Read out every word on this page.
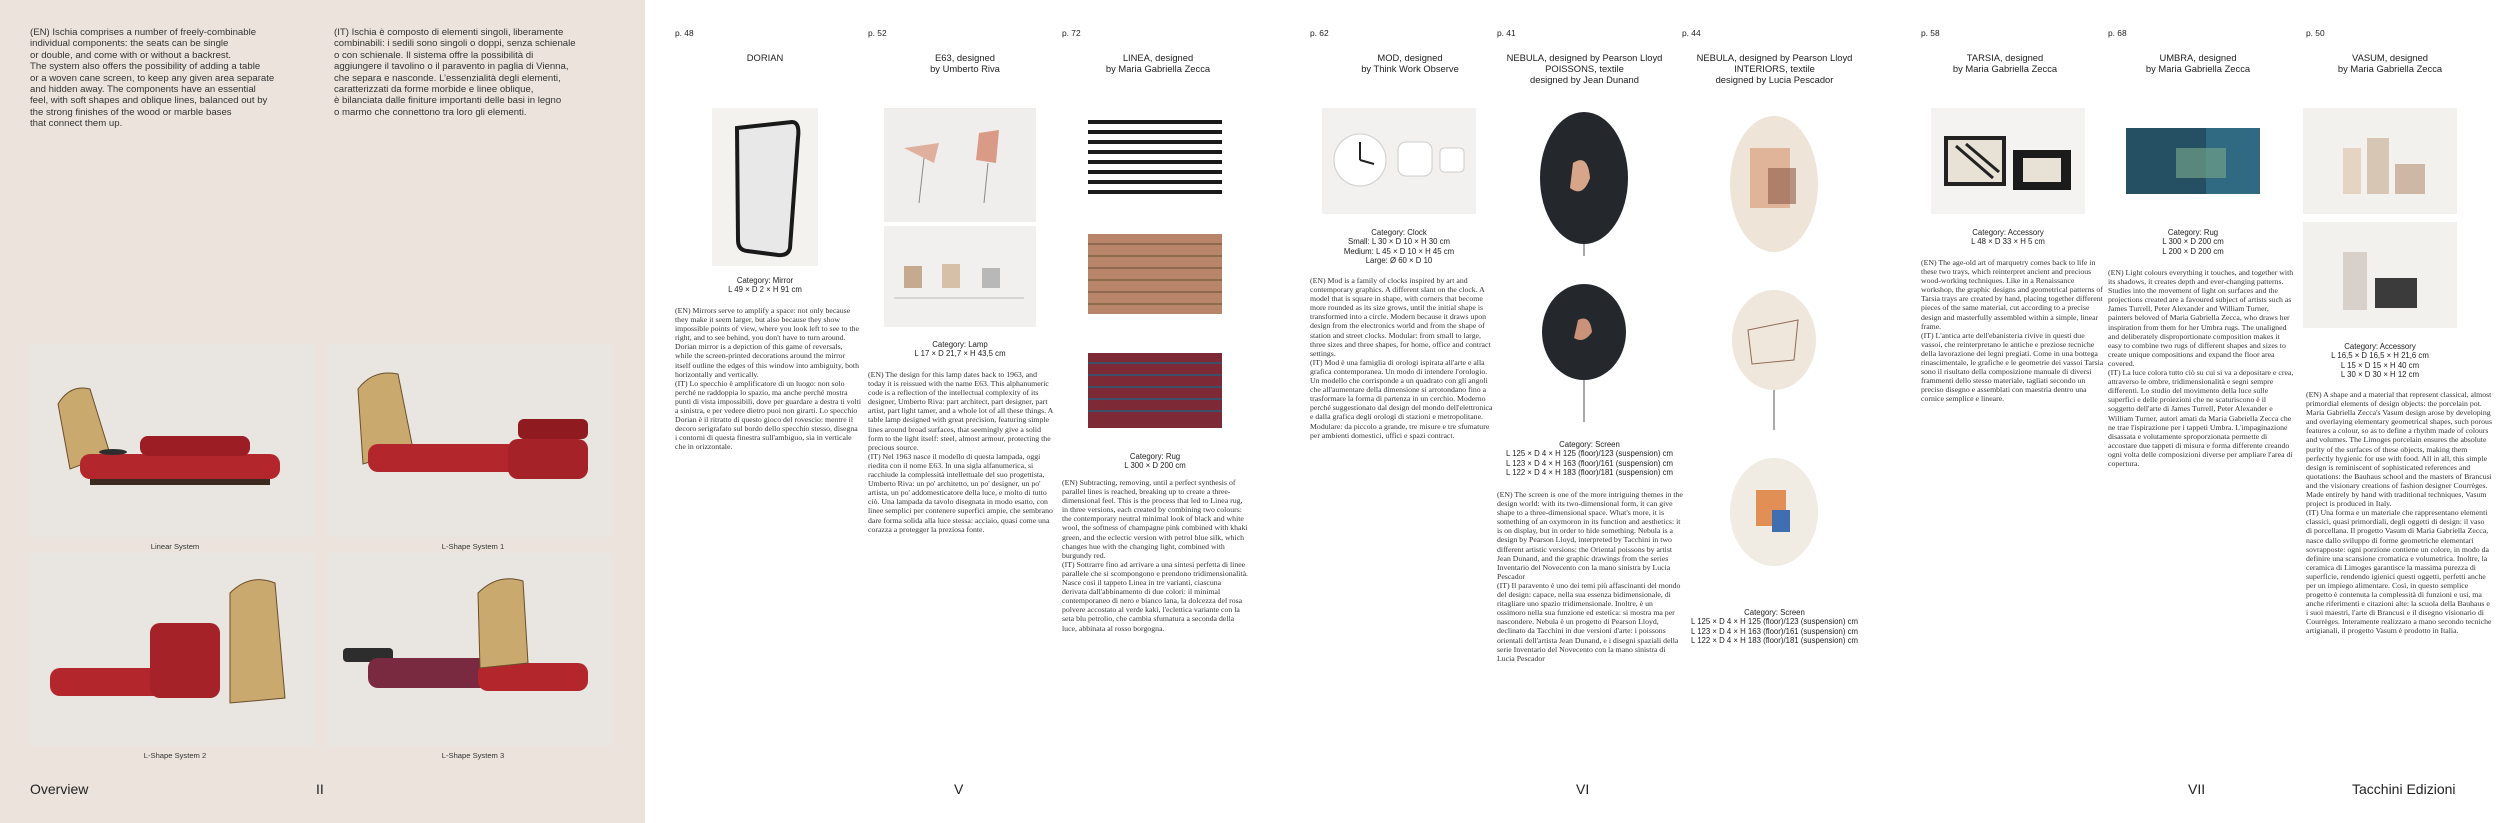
(EN) Ischia comprises a number of freely-combinable
individual components: the seats can be single
or double, and come with or without a backrest.
The system also offers the possibility of adding a table
or a woven cane screen, to keep any given area separate
and hidden away. The components have an essential
feel, with soft shapes and oblique lines, balanced out by
the strong finishes of the wood or marble bases
that connect them up.

(IT) Ischia è composto di elementi singoli, liberamente
combinabili: i sedili sono singoli o doppi, senza schienale
o con schienale. Il sistema offre la possibilità di
aggiungere il tavolino o il paravento in paglia di Vienna,
che separa e nasconde. L’essenzialità degli elementi,
caratterizzati da forme morbide e linee oblique,
è bilanciata dalle finiture importanti delle basi in legno
o marmo che connettono tra loro gli elementi.

Linear System	L-Shape System 1
L-Shape System 2	L-Shape System 3
Overview	II
p. 48
DORIAN
Category: Mirror
L 49 × D 2 × H 91 cm

(EN) Mirrors serve to amplify a space: not only because they make it seem larger, but also because they show impossible points of view, where you look left to see to the right, and to see behind, you don't have to turn around. Dorian mirror is a depiction of this game of reversals, while the screen-printed decorations around the mirror itself outline the edges of this window into ambiguity, both horizontally and vertically.
(IT) Lo specchio è amplificatore di un luogo: non solo perché ne raddoppia lo spazio, ma anche perché mostra punti di vista impossibili, dove per guardare a destra ti volti a sinistra, e per vedere dietro puoi non girarti. Lo specchio Dorian è il ritratto di questo gioco del rovescio: mentre il decoro serigrafato sul bordo dello specchio stesso, disegna i contorni di questa finestra sull'ambiguo, sia in verticale che in orizzontale.

p. 52
E63, designed
by Umberto Riva
Category: Lamp
L 17 × D 21,7 × H 43,5 cm

(EN) The design for this lamp dates back to 1963, and today it is reissued with the name E63. This alphanumeric code is a reflection of the intellectual complexity of its designer, Umberto Riva: part architect, part designer, part artist, part light tamer, and a whole lot of all these things. A table lamp designed with great precision, featuring simple lines around broad surfaces, that seemingly give a solid form to the light itself: steel, almost armour, protecting the precious source.
(IT) Nel 1963 nasce il modello di questa lampada, oggi riedita con il nome E63. In una sigla alfanumerica, si racchiude la complessità intellettuale del suo progettista, Umberto Riva: un po' architetto, un po' designer, un po' artista, un po' addomesticatore della luce, e molto di tutto ciò. Una lampada da tavolo disegnata in modo esatto, con linee semplici per contenere superfici ampie, che sembrano dare forma solida alla luce stessa: acciaio, quasi come una corazza a protegger la preziosa fonte.

p. 72
LINEA, designed
by Maria Gabriella Zecca
Category: Rug
L 300 × D 200 cm

(EN) Subtracting, removing, until a perfect synthesis of parallel lines is reached, breaking up to create a three-dimensional feel. This is the process that led to Linea rug, in three versions, each created by combining two colours: the contemporary neutral minimal look of black and white wool, the softness of champagne pink combined with khaki green, and the eclectic version with petrol blue silk, which changes hue with the changing light, combined with burgundy red.
(IT) Sottrarre fino ad arrivare a una sintesi perfetta di linee parallele che si scompongono e prendono tridimensionalità. Nasce così il tappeto Linea in tre varianti, ciascuna derivata dall'abbinamento di due colori: il minimal contemporaneo di nero e bianco lana, la dolcezza del rosa polvere accostato al verde kaki, l'eclettica variante con la seta blu petrolio, che cambia sfumatura a seconda della luce, abbinata al rosso borgogna.

p. 62
MOD, designed
by Think Work Observe
Category: Clock
Small: L 30 × D 10 × H 30 cm
Medium: L 45 × D 10 × H 45 cm
Large: Ø 60 × D 10

(EN) Mod is a family of clocks inspired by art and contemporary graphics. A different slant on the clock. A model that is square in shape, with corners that become more rounded as its size grows, until the initial shape is transformed into a circle. Modern because it draws upon design from the electronics world and from the shape of station and street clocks. Modular: from small to large, three sizes and three shapes, for home, office and contract settings.
(IT) Mod è una famiglia di orologi ispirata all'arte e alla grafica contemporanea. Un modo di intendere l'orologio. Un modello che corrisponde a un quadrato con gli angoli che all'aumentare della dimensione si arrotondano fino a trasformare la forma di partenza in un cerchio. Moderno perché suggestionato dal design del mondo dell'elettronica e dalla grafica degli orologi di stazioni e metropolitane. Modulare: da piccolo a grande, tre misure e tre sfumature per ambienti domestici, uffici e spazi contract.

p. 41
NEBULA, designed by Pearson Lloyd
POISSONS, textile
designed by Jean Dunand
Category: Screen
L 125 × D 4 × H 125 (floor)/123 (suspension) cm
L 123 × D 4 × H 163 (floor)/161 (suspension) cm
L 122 × D 4 × H 183 (floor)/181 (suspension) cm

(EN) The screen is one of the more intriguing themes in the design world: with its two-dimensional form, it can give shape to a three-dimensional space. What's more, it is something of an oxymoron in its function and aesthetics: it is on display, but in order to hide something. Nebula is a design by Pearson Lloyd, interpreted by Tacchini in two different artistic versions: the Oriental poissons by artist Jean Dunand, and the graphic drawings from the series Inventario del Novecento con la mano sinistra by Lucia Pescador
(IT) Il paravento è uno dei temi più affascinanti del mondo del design: capace, nella sua essenza bidimensionale, di ritagliare uno spazio tridimensionale. Inoltre, è un ossimoro nella sua funzione ed estetica: si mostra ma per nascondere. Nebula è un progetto di Pearson Lloyd, declinato da Tacchini in due versioni d'arte: i poissons orientali dell'artista Jean Dunand, e i disegni spaziali della serie Inventario del Novecento con la mano sinistra di Lucia Pescador

p. 44
NEBULA, designed by Pearson Lloyd
INTERIORS, textile
designed by Lucia Pescador
Category: Screen
L 125 × D 4 × H 125 (floor)/123 (suspension) cm
L 123 × D 4 × H 163 (floor)/161 (suspension) cm
L 122 × D 4 × H 183 (floor)/181 (suspension) cm
p. 58
TARSIA, designed
by Maria Gabriella Zecca
Category: Accessory
L 48 × D 33 × H 5 cm

(EN) The age-old art of marquetry comes back to life in these two trays, which reinterpret ancient and precious wood-working techniques. Like in a Renaissance workshop, the graphic designs and geometrical patterns of Tarsia trays are created by hand, placing together different pieces of the same material, cut according to a precise design and masterfully assembled within a simple, linear frame.
(IT) L'antica arte dell'ebanisteria rivive in questi due vassoi, che reinterpretano le antiche e preziose tecniche della lavorazione dei legni pregiati. Come in una bottega rinascimentale, le grafiche e le geometrie dei vassoi Tarsia sono il risultato della composizione manuale di diversi frammenti dello stesso materiale, tagliati secondo un preciso disegno e assemblati con maestria dentro una cornice semplice e lineare.

p. 68
UMBRA, designed
by Maria Gabriella Zecca
Category: Rug
L 300 × D 200 cm
L 200 × D 200 cm

(EN) Light colours everything it touches, and together with its shadows, it creates depth and ever-changing patterns. Studies into the movement of light on surfaces and the projections created are a favoured subject of artists such as James Turrell, Peter Alexander and William Turner, painters beloved of Maria Gabriella Zecca, who draws her inspiration from them for her Umbra rugs. The unaligned and deliberately disproportionate composition makes it easy to combine two rugs of different shapes and sizes to create unique compositions and expand the floor area covered.
(IT) La luce colora tutto ciò su cui si va a depositare e crea, attraverso le ombre, tridimensionalità e segni sempre differenti. Lo studio del movimento della luce sulle superfici e delle proiezioni che ne scaturiscono è il soggetto dell'arte di James Turrell, Peter Alexander e William Turner, autori amati da Maria Gabriella Zecca che ne trae l'ispirazione per i tappeti Umbra. L'impaginazione disassata e volutamente sproporzionata permette di accostare due tappeti di misura e forma differente creando ogni volta delle composizioni diverse per ampliare l'area di copertura.

p. 50
VASUM, designed
by Maria Gabriella Zecca
Category: Accessory
L 16,5 × D 16,5 × H 21,6 cm
L 15 × D 15 × H 40 cm
L 30 × D 30 × H 12 cm

(EN) A shape and a material that represent classical, almost primordial elements of design objects: the porcelain pot. Maria Gabriella Zecca's Vasum design arose by developing and overlaying elementary geometrical shapes, such porous features a colour, so as to define a rhythm made of colours and volumes. The Limoges porcelain ensures the absolute purity of the surfaces of these objects, making them perfectly hygienic for use with food. All in all, this simple design is reminiscent of sophisticated references and quotations: the Bauhaus school and the masters of Brancusi and the visionary creations of fashion designer Courrèges. Made entirely by hand with traditional techniques, Vasum project is produced in Italy.
(IT) Una forma e un materiale che rappresentano elementi classici, quasi primordiali, degli oggetti di design: il vaso di porcellana. Il progetto Vasum di Maria Gabriella Zecca, nasce dallo sviluppo di forme geometriche elementari sovrapposte: ogni porzione contiene un colore, in modo da definire una scansione cromatica e volumetrica. Inoltre, la ceramica di Limoges garantisce la massima purezza di superficie, rendendo igienici questi oggetti, perfetti anche per un impiego alimentare. Così, in questo semplice progetto è contenuta la complessità di funzioni e usi, ma anche riferimenti e citazioni alte: la scuola della Bauhaus e i suoi maestri, l'arte di Brancusi e il disegno visionario di Courrèges. Interamente realizzato a mano secondo tecniche artigianali, il progetto Vasum è prodotto in Italia.

V	VI	VII	Tacchini Edizioni
